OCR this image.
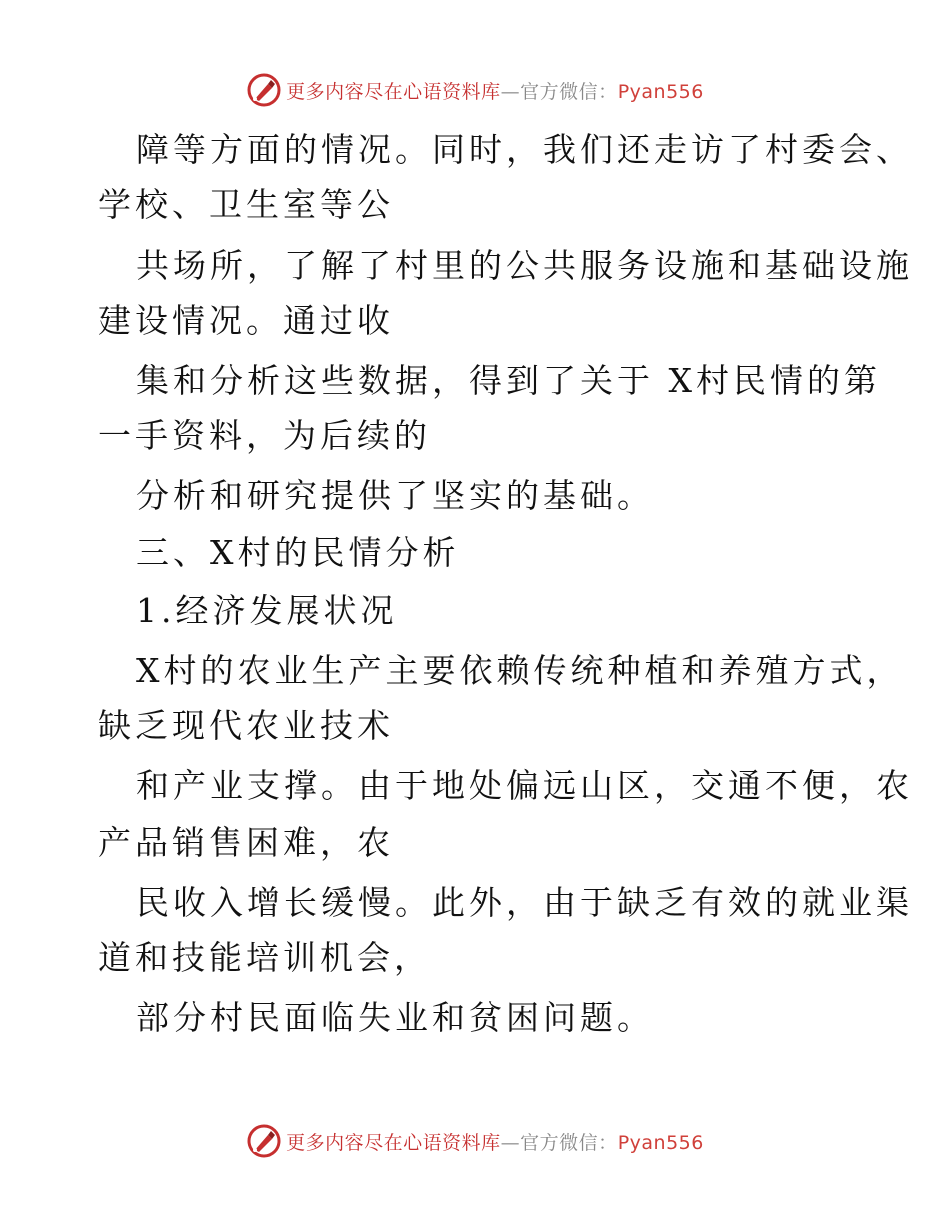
更多内容尽在心语资料库—官方微信：Pyan556
障等方面的情况。同时，我们还走访了村委会、
学校、卫生室等公
共场所，了解了村里的公共服务设施和基础设施
建设情况。通过收
集和分析这些数据，得到了关于 X村民情的第
一手资料，为后续的
分析和研究提供了坚实的基础。
三、X村的民情分析
1.经济发展状况
X村的农业生产主要依赖传统种植和养殖方式，
缺乏现代农业技术
和产业支撑。由于地处偏远山区，交通不便，农
产品销售困难，农
民收入增长缓慢。此外，由于缺乏有效的就业渠
道和技能培训机会，
部分村民面临失业和贫困问题。
更多内容尽在心语资料库—官方微信：Pyan556
